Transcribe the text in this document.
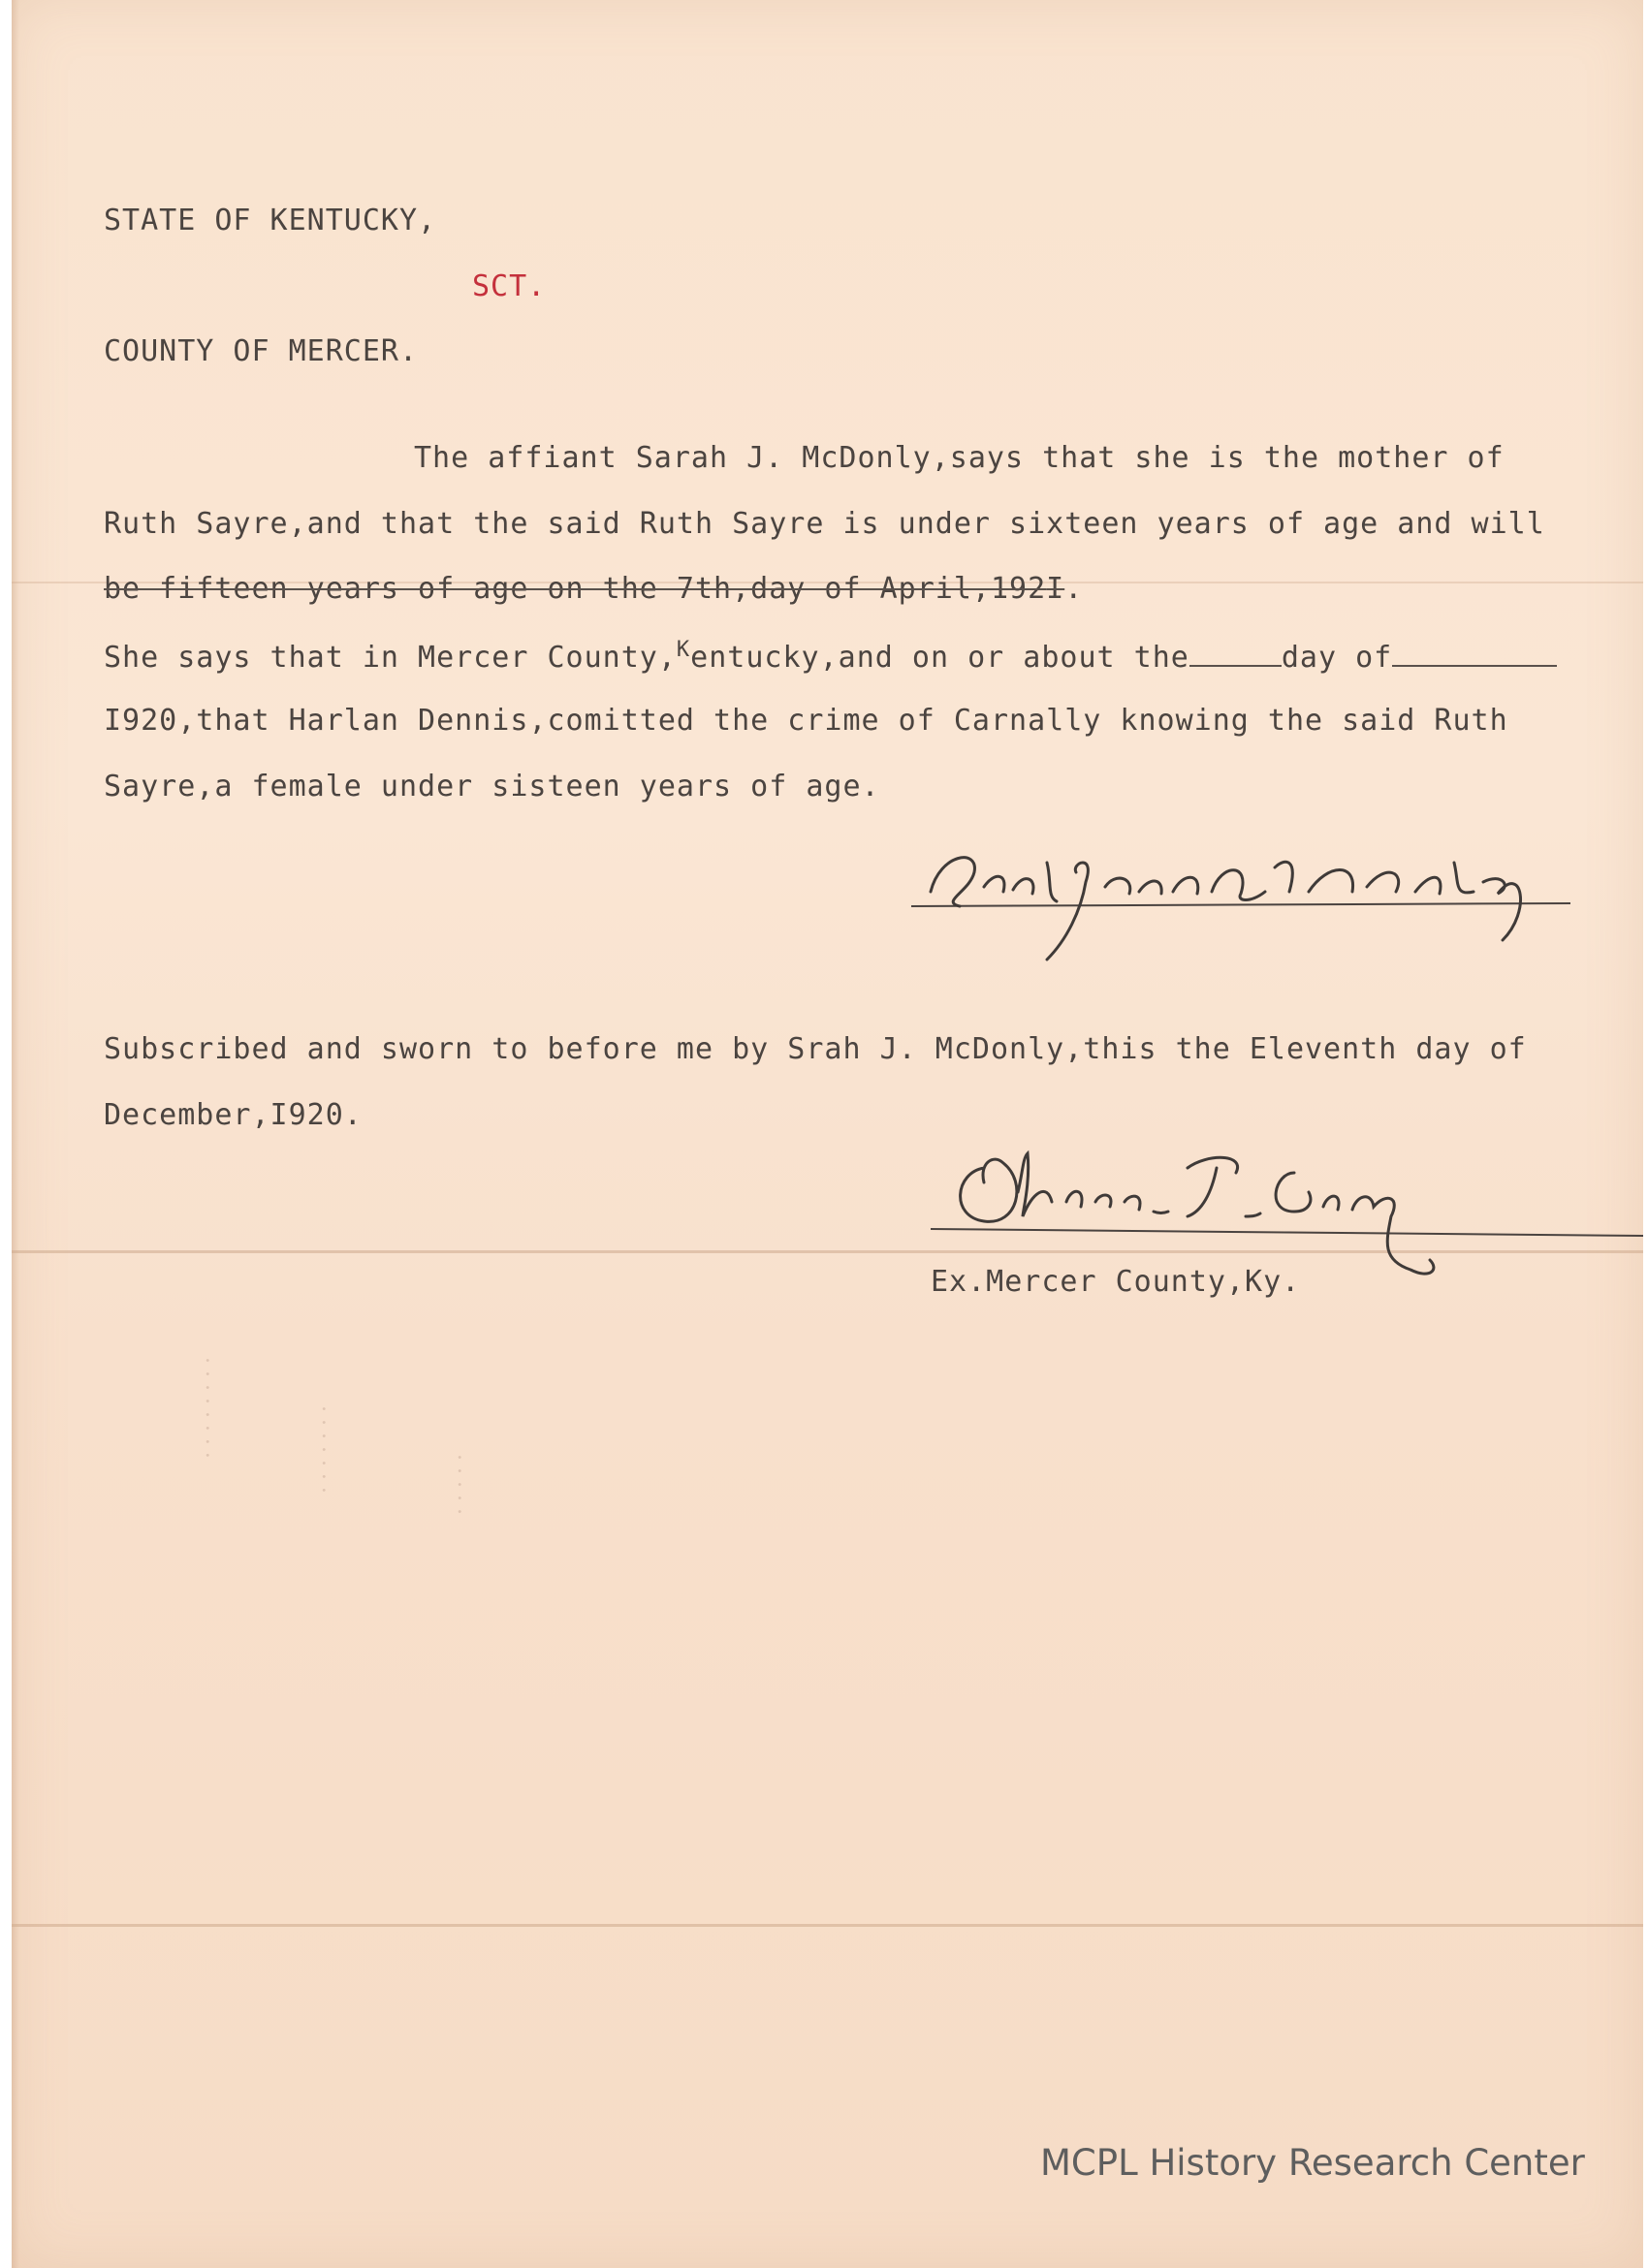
. . . . . . . .	. . . . . . .	. . . . .
STATE OF KENTUCKY,
SCT.
COUNTY OF MERCER.
The affiant Sarah J. McDonly,says that she is the mother of
Ruth Sayre,and that the said Ruth Sayre is under sixteen years of age and will
be fifteen years of age on the 7th,day of April,192I.
She says that in Mercer County,$^K$entucky,and on or about the	day of
I920,that Harlan Dennis,comitted the crime of Carnally knowing the said Ruth
Sayre,a female under sisteen years of age.
Subscribed and sworn to before me by Srah J. McDonly,this the Eleventh day of
December,I920.
Ex.Mercer County,Ky.
MCPL History Research Center
